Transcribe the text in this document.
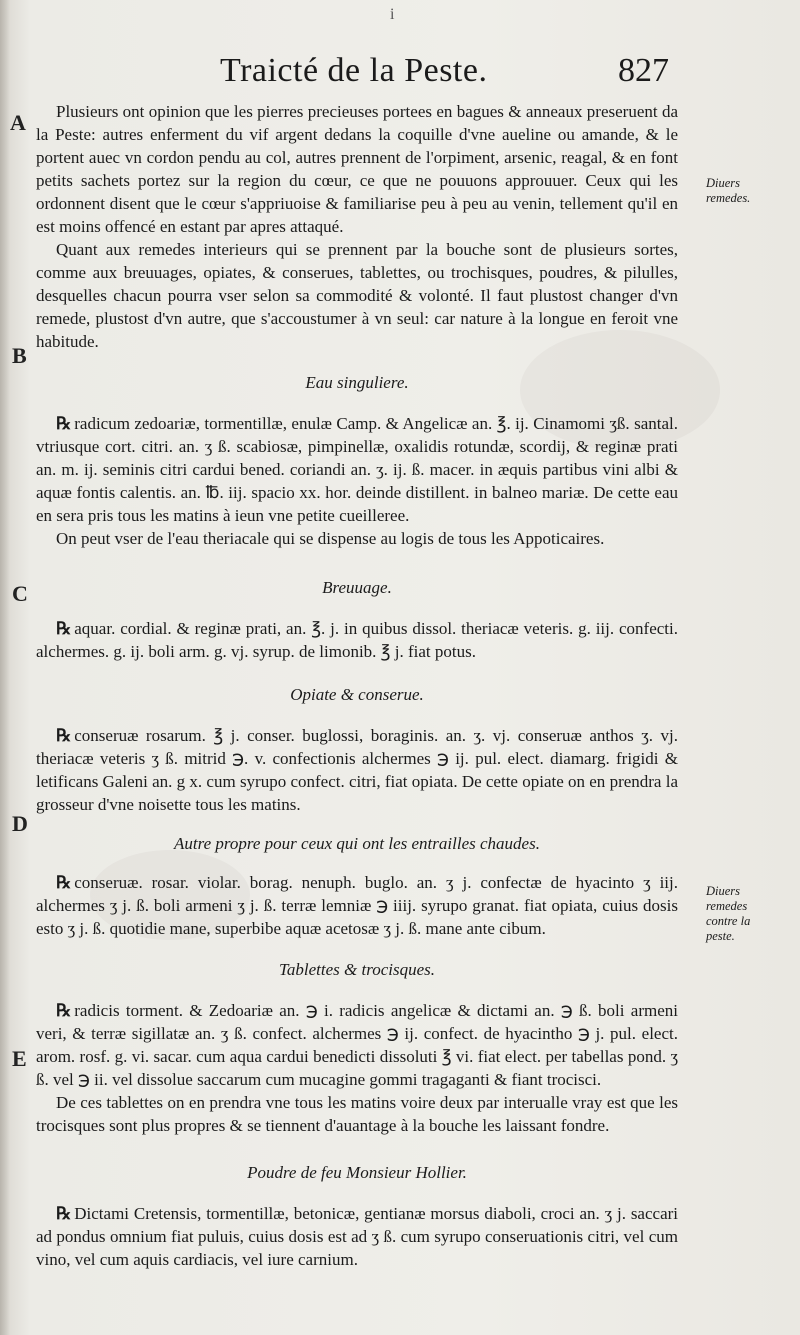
i
Traicté de la Peste.	827
A
B
C
D
E
Diuers remedes.
Diuers remedes contre la peste.

Plusieurs ont opinion que les pierres precieuses portees en bagues & anneaux preseruent da la Peste: autres enferment du vif argent dedans la coquille d'vne aueline ou amande, & le portent auec vn cordon pendu au col, autres prennent de l'orpiment, arsenic, reagal, & en font petits sachets portez sur la region du cœur, ce que ne pouuons approuuer. Ceux qui les ordonnent disent que le cœur s'appriuoise & familiarise peu à peu au venin, tellement qu'il en est moins offencé en estant par apres attaqué.

Quant aux remedes interieurs qui se prennent par la bouche sont de plusieurs sortes, comme aux breuuages, opiates, & conserues, tablettes, ou trochisques, poudres, & pilulles, desquelles chacun pourra vser selon sa commodité & volonté. Il faut plustost changer d'vn remede, plustost d'vn autre, que s'accoustumer à vn seul: car nature à la longue en feroit vne habitude.

Eau singuliere.

℞ radicum zedoariæ, tormentillæ, enulæ Camp. & Angelicæ an. ℥. ij. Cinamomi ʒß. santal. vtriusque cort. citri. an. ʒ ß. scabiosæ, pimpinellæ, oxalidis rotundæ, scordij, & reginæ prati an. m. ij. seminis citri cardui bened. coriandi an. ʒ. ij. ß. macer. in æquis partibus vini albi & aquæ fontis calentis. an. ℔. iij. spacio xx. hor. deinde distillent. in balneo mariæ. De cette eau en sera pris tous les matins à ieun vne petite cueilleree.

On peut vser de l'eau theriacale qui se dispense au logis de tous les Appoticaires.

Breuuage.

℞ aquar. cordial. & reginæ prati, an. ℥. j. in quibus dissol. theriacæ veteris. g. iij. confecti. alchermes. g. ij. boli arm. g. vj. syrup. de limonib. ℥ j. fiat potus.

Opiate & conserue.

℞ conseruæ rosarum. ℥ j. conser. buglossi, boraginis. an. ʒ. vj. conseruæ anthos ʒ. vj. theriacæ veteris ʒ ß. mitrid ℈. v. confectionis alchermes ℈ ij. pul. elect. diamarg. frigidi & letificans Galeni an. g x. cum syrupo confect. citri, fiat opiata. De cette opiate on en prendra la grosseur d'vne noisette tous les matins.

Autre propre pour ceux qui ont les entrailles chaudes.

℞ conseruæ. rosar. violar. borag. nenuph. buglo. an. ʒ j. confectæ de hyacinto ʒ iij. alchermes ʒ j. ß. boli armeni ʒ j. ß. terræ lemniæ ℈ iiij. syrupo granat. fiat opiata, cuius dosis esto ʒ j. ß. quotidie mane, superbibe aquæ acetosæ ʒ j. ß. mane ante cibum.

Tablettes & trocisques.

℞ radicis torment. & Zedoariæ an. ℈ i. radicis angelicæ & dictami an. ℈ ß. boli armeni veri, & terræ sigillatæ an. ʒ ß. confect. alchermes ℈ ij. confect. de hyacintho ℈ j. pul. elect. arom. rosf. g. vi. sacar. cum aqua cardui benedicti dissoluti ℥ vi. fiat elect. per tabellas pond. ʒ ß. vel ℈ ii. vel dissolue saccarum cum mucagine gommi tragaganti & fiant trocisci.

De ces tablettes on en prendra vne tous les matins voire deux par interualle vray est que les trocisques sont plus propres & se tiennent d'auantage à la bouche les laissant fondre.

Poudre de feu Monsieur Hollier.

℞ Dictami Cretensis, tormentillæ, betonicæ, gentianæ morsus diaboli, croci an. ʒ j. saccari ad pondus omnium fiat puluis, cuius dosis est ad ʒ ß. cum syrupo conseruationis citri, vel cum vino, vel cum aquis cardiacis, vel iure carnium.
